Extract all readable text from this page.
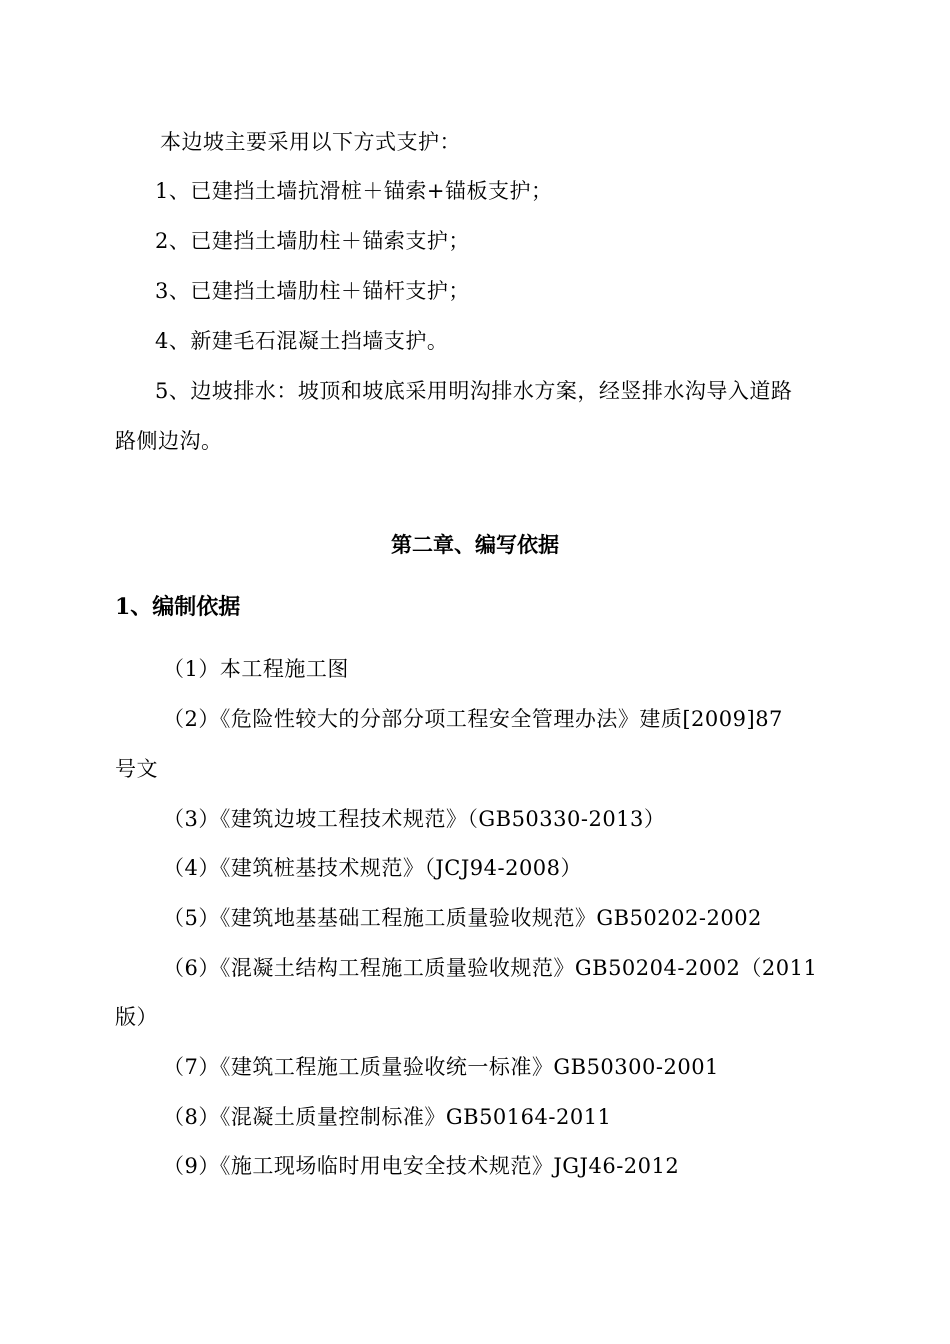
本边坡主要采用以下方式支护：
1、已建挡土墙抗滑桩＋锚索+锚板支护；
2、已建挡土墙肋柱＋锚索支护；
3、已建挡土墙肋柱＋锚杆支护；
4、新建毛石混凝土挡墙支护。
5、边坡排水：坡顶和坡底采用明沟排水方案，经竖排水沟导入道路
路侧边沟。
第二章、编写依据
1、编制依据
（1）本工程施工图
（2）《危险性较大的分部分项工程安全管理办法》建质[2009]87
号文
（3）《建筑边坡工程技术规范》（GB50330-2013）
（4）《建筑桩基技术规范》（JCJ94-2008）
（5）《建筑地基基础工程施工质量验收规范》GB50202-2002
（6）《混凝土结构工程施工质量验收规范》GB50204-2002（2011
版）
（7）《建筑工程施工质量验收统一标准》GB50300-2001
（8）《混凝土质量控制标准》GB50164-2011
（9）《施工现场临时用电安全技术规范》JGJ46-2012
